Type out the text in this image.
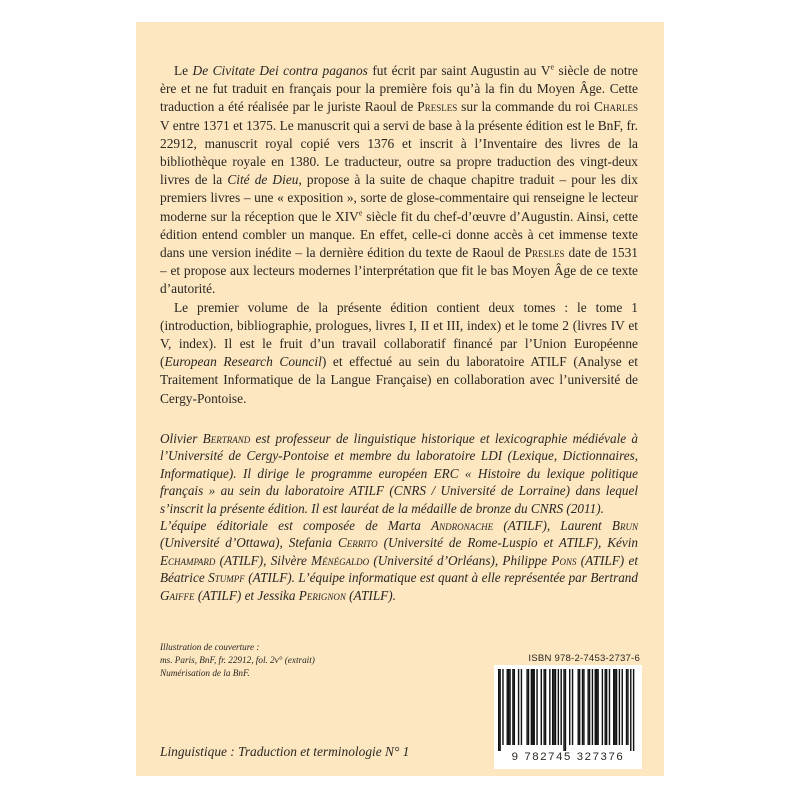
Le De Civitate Dei contra paganos fut écrit par saint Augustin au Ve siècle de notre ère et ne fut traduit en français pour la première fois qu’à la fin du Moyen Âge. Cette traduction a été réalisée par le juriste Raoul de Presles sur la commande du roi Charles V entre 1371 et 1375. Le manuscrit qui a servi de base à la présente édition est le BnF, fr. 22912, manuscrit royal copié vers 1376 et inscrit à l’Inventaire des livres de la bibliothèque royale en 1380. Le traducteur, outre sa propre traduction des vingt-deux livres de la Cité de Dieu, propose à la suite de chaque chapitre traduit – pour les dix premiers livres – une « exposition », sorte de glose-commentaire qui renseigne le lecteur moderne sur la réception que le XIVe siècle fit du chef-d’œuvre d’Augustin. Ainsi, cette édition entend combler un manque. En effet, celle-ci donne accès à cet immense texte dans une version inédite – la dernière édition du texte de Raoul de Presles date de 1531 – et propose aux lecteurs modernes l’interprétation que fit le bas Moyen Âge de ce texte d’autorité.

Le premier volume de la présente édition contient deux tomes : le tome 1 (introduction, bibliographie, prologues, livres I, II et III, index) et le tome 2 (livres IV et V, index). Il est le fruit d’un travail collaboratif financé par l’Union Européenne (European Research Council) et effectué au sein du laboratoire ATILF (Analyse et Traitement Informatique de la Langue Française) en collaboration avec l’université de Cergy-Pontoise.

Olivier Bertrand est professeur de linguistique historique et lexicographie médiévale à l’Université de Cergy-Pontoise et membre du laboratoire LDI (Lexique, Dictionnaires, Informatique). Il dirige le programme européen ERC « Histoire du lexique politique français » au sein du laboratoire ATILF (CNRS / Université de Lorraine) dans lequel s’inscrit la présente édition. Il est lauréat de la médaille de bronze du CNRS (2011).

L’équipe éditoriale est composée de Marta Andronache (ATILF), Laurent Brun (Université d’Ottawa), Stefania Cerrito (Université de Rome-Luspio et ATILF), Kévin Echampard (ATILF), Silvère Ménégaldo (Université d’Orléans), Philippe Pons (ATILF) et Béatrice Stumpf (ATILF). L’équipe informatique est quant à elle représentée par Bertrand Gaiffe (ATILF) et Jessika Perignon (ATILF).

Illustration de couverture :
ms. Paris, BnF, fr. 22912, fol. 2v° (extrait)
Numérisation de la BnF.
Linguistique : Traduction et terminologie N° 1
ISBN 978-2-7453-2737-6
9 782745 327376
